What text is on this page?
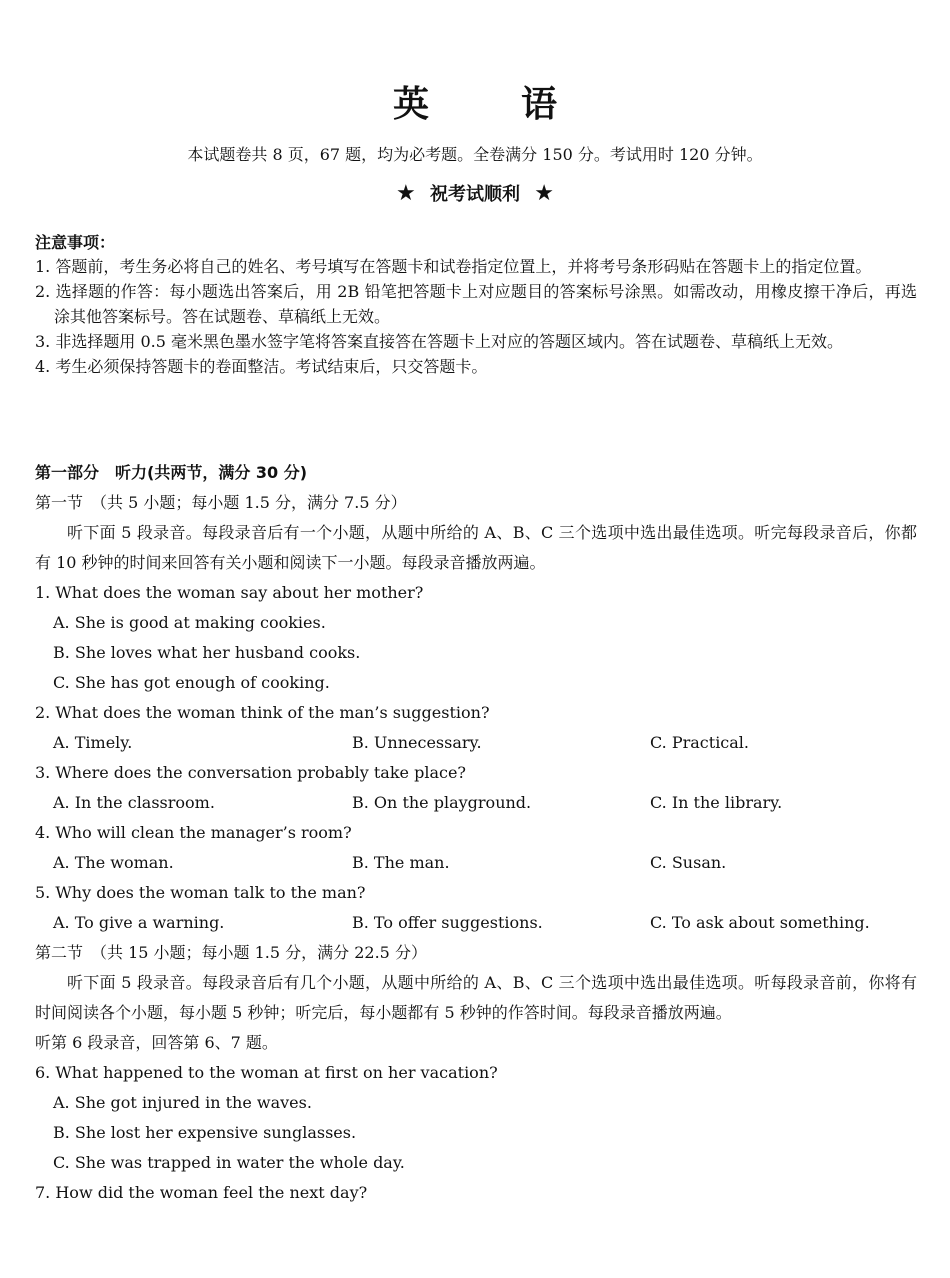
英	语
本试题卷共 8 页，67 题，均为必考题。全卷满分 150 分。考试用时 120 分钟。
★ 祝考试顺利 ★
注意事项：
1. 答题前，考生务必将自己的姓名、考号填写在答题卡和试卷指定位置上，并将考号条形码贴在答题卡上的指定位置。
2. 选择题的作答：每小题选出答案后，用 2B 铅笔把答题卡上对应题目的答案标号涂黑。如需改动，用橡皮擦干净后，再选涂其他答案标号。答在试题卷、草稿纸上无效。
3. 非选择题用 0.5 毫米黑色墨水签字笔将答案直接答在答题卡上对应的答题区域内。答在试题卷、草稿纸上无效。
4. 考生必须保持答题卡的卷面整洁。考试结束后，只交答题卡。
第一部分　听力(共两节，满分 30 分)
第一节　（共 5 小题；每小题 1.5 分，满分 7.5 分）
听下面 5 段录音。每段录音后有一个小题，从题中所给的 A、B、C 三个选项中选出最佳选项。听完每段录音后，你都有 10 秒钟的时间来回答有关小题和阅读下一小题。每段录音播放两遍。
1. What does the woman say about her mother?
A. She is good at making cookies.
B. She loves what her husband cooks.
C. She has got enough of cooking.
2. What does the woman think of the man’s suggestion?
A. Timely.	B. Unnecessary.	C. Practical.
3. Where does the conversation probably take place?
A. In the classroom.	B. On the playground.	C. In the library.
4. Who will clean the manager’s room?
A. The woman.	B. The man.	C. Susan.
5. Why does the woman talk to the man?
A. To give a warning.	B. To offer suggestions.	C. To ask about something.
第二节　（共 15 小题；每小题 1.5 分，满分 22.5 分）
听下面 5 段录音。每段录音后有几个小题，从题中所给的 A、B、C 三个选项中选出最佳选项。听每段录音前，你将有时间阅读各个小题，每小题 5 秒钟；听完后，每小题都有 5 秒钟的作答时间。每段录音播放两遍。
听第 6 段录音，回答第 6、7 题。
6. What happened to the woman at first on her vacation?
A. She got injured in the waves.
B. She lost her expensive sunglasses.
C. She was trapped in water the whole day.
7. How did the woman feel the next day?
